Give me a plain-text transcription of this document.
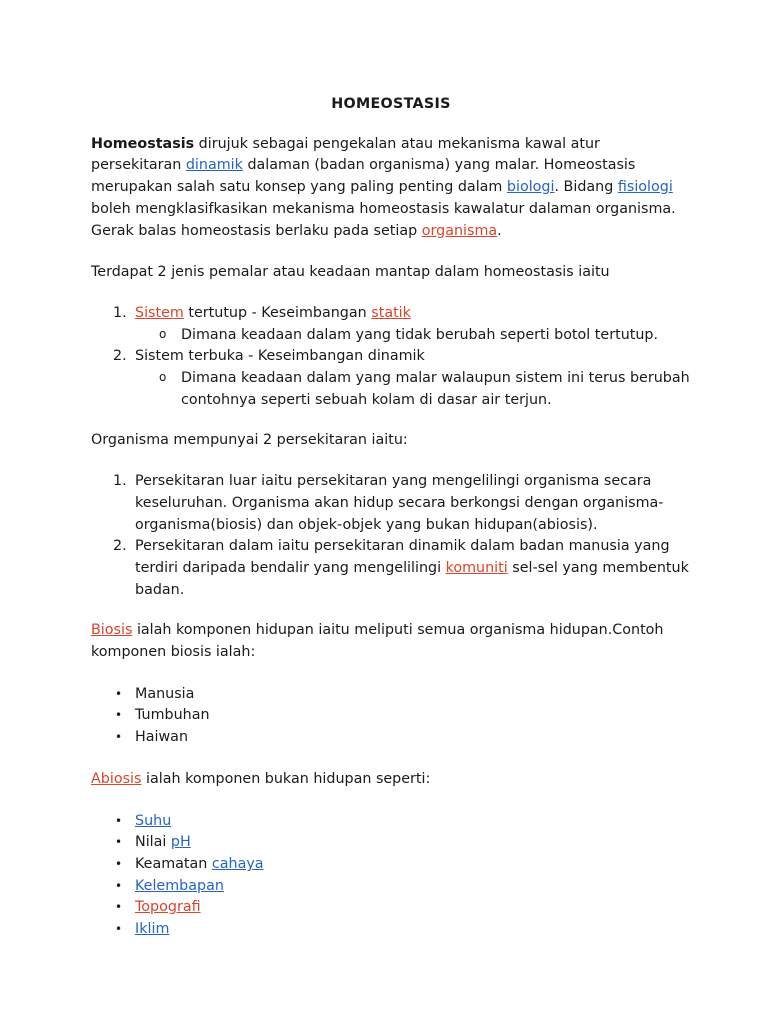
HOMEOSTASIS

Homeostasis dirujuk sebagai pengekalan atau mekanisma kawal atur persekitaran dinamik dalaman (badan organisma) yang malar. Homeostasis merupakan salah satu konsep yang paling penting dalam biologi. Bidang fisiologi boleh mengklasifkasikan mekanisma homeostasis kawalatur dalaman organisma. Gerak balas homeostasis berlaku pada setiap organisma.

Terdapat 2 jenis pemalar atau keadaan mantap dalam homeostasis iaitu

1. Sistem tertutup - Keseimbangan statik
o Dimana keadaan dalam yang tidak berubah seperti botol tertutup.
2. Sistem terbuka - Keseimbangan dinamik
o Dimana keadaan dalam yang malar walaupun sistem ini terus berubah contohnya seperti sebuah kolam di dasar air terjun.

Organisma mempunyai 2 persekitaran iaitu:

1. Persekitaran luar iaitu persekitaran yang mengelilingi organisma secara keseluruhan. Organisma akan hidup secara berkongsi dengan organisma-organisma(biosis) dan objek-objek yang bukan hidupan(abiosis).
2. Persekitaran dalam iaitu persekitaran dinamik dalam badan manusia yang terdiri daripada bendalir yang mengelilingi komuniti sel-sel yang membentuk badan.

Biosis ialah komponen hidupan iaitu meliputi semua organisma hidupan.Contoh komponen biosis ialah:

• Manusia
• Tumbuhan
• Haiwan

Abiosis ialah komponen bukan hidupan seperti:

• Suhu
• Nilai pH
• Keamatan cahaya
• Kelembapan
• Topografi
• Iklim
